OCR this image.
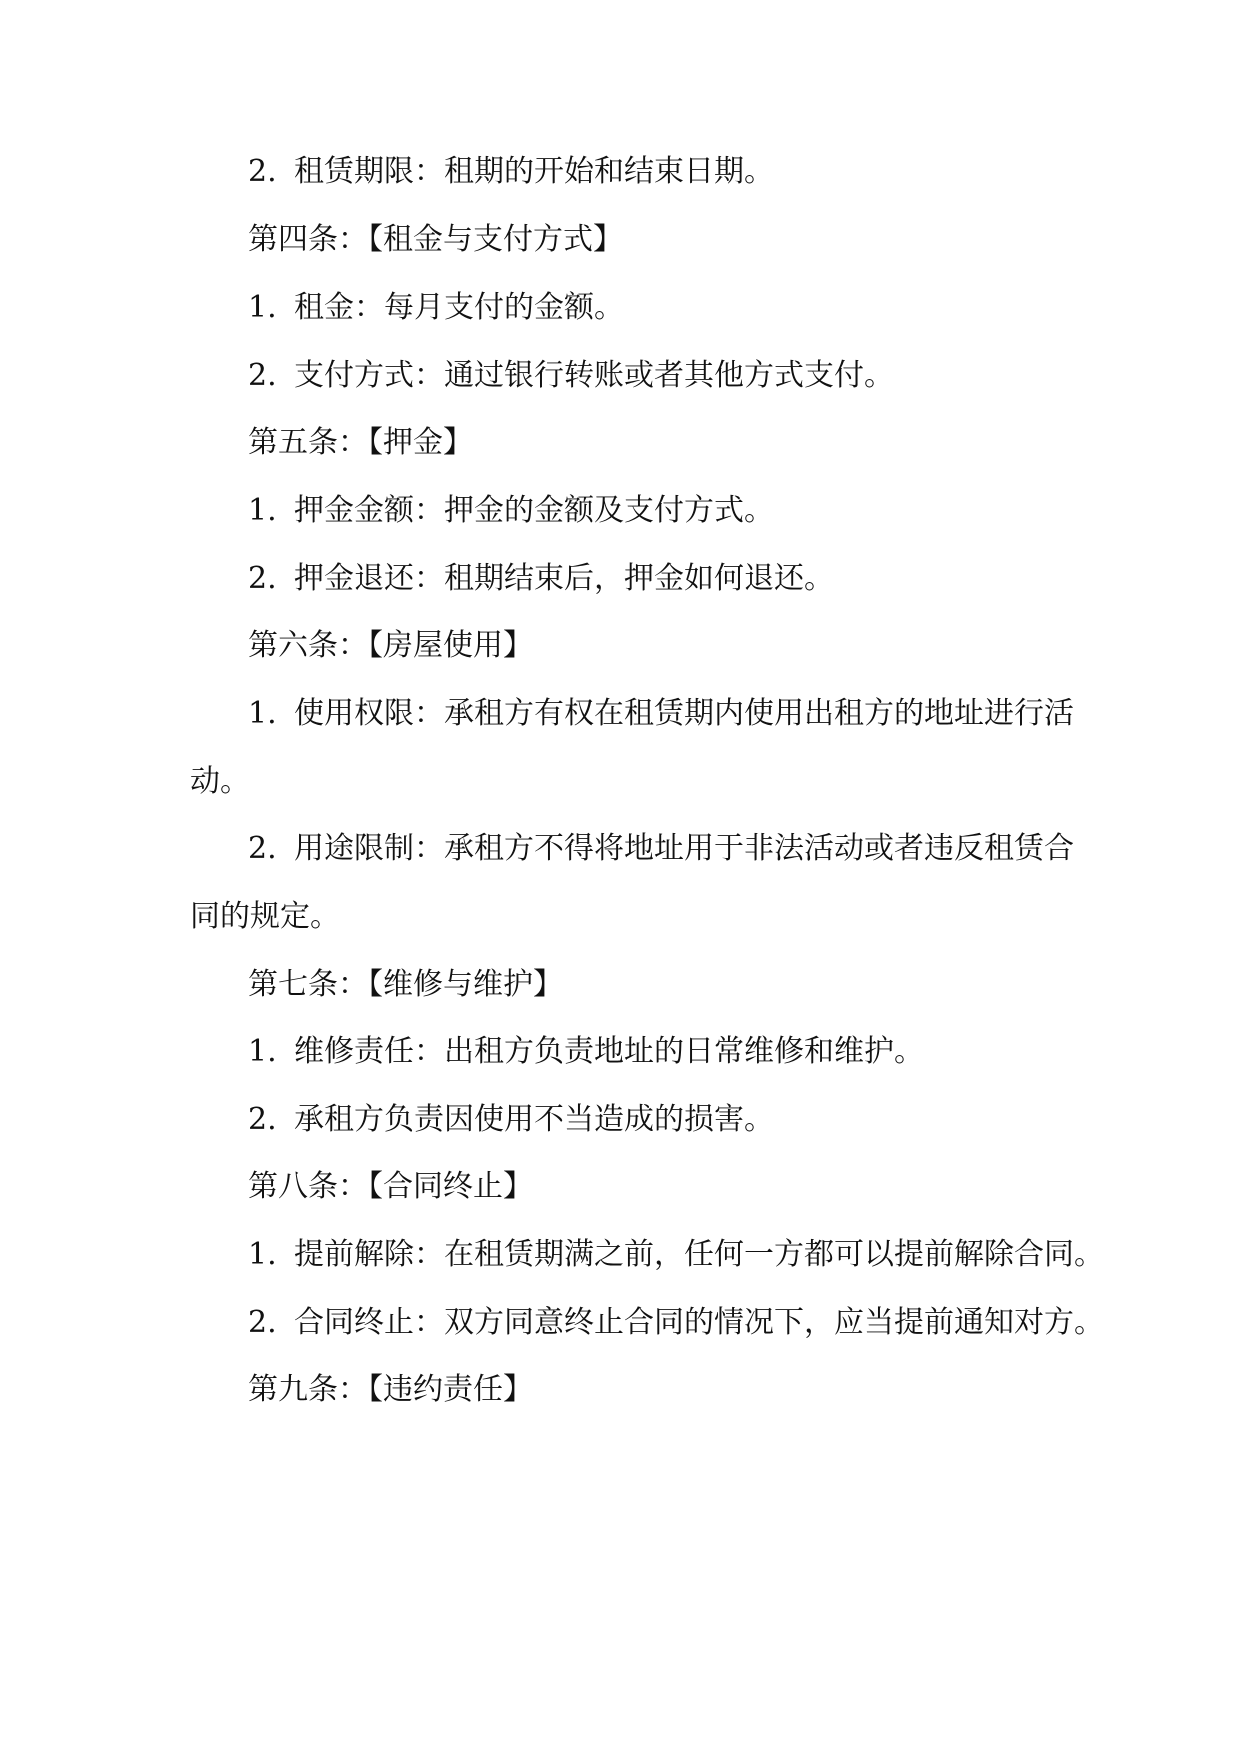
2. 租赁期限：租期的开始和结束日期。
第四条：【租金与支付方式】
1. 租金：每月支付的金额。
2. 支付方式：通过银行转账或者其他方式支付。
第五条：【押金】
1. 押金金额：押金的金额及支付方式。
2. 押金退还：租期结束后，押金如何退还。
第六条：【房屋使用】
1. 使用权限：承租方有权在租赁期内使用出租方的地址进行活
动。
2. 用途限制：承租方不得将地址用于非法活动或者违反租赁合
同的规定。
第七条：【维修与维护】
1. 维修责任：出租方负责地址的日常维修和维护。
2. 承租方负责因使用不当造成的损害。
第八条：【合同终止】
1. 提前解除：在租赁期满之前，任何一方都可以提前解除合同。
2. 合同终止：双方同意终止合同的情况下，应当提前通知对方。
第九条：【违约责任】
